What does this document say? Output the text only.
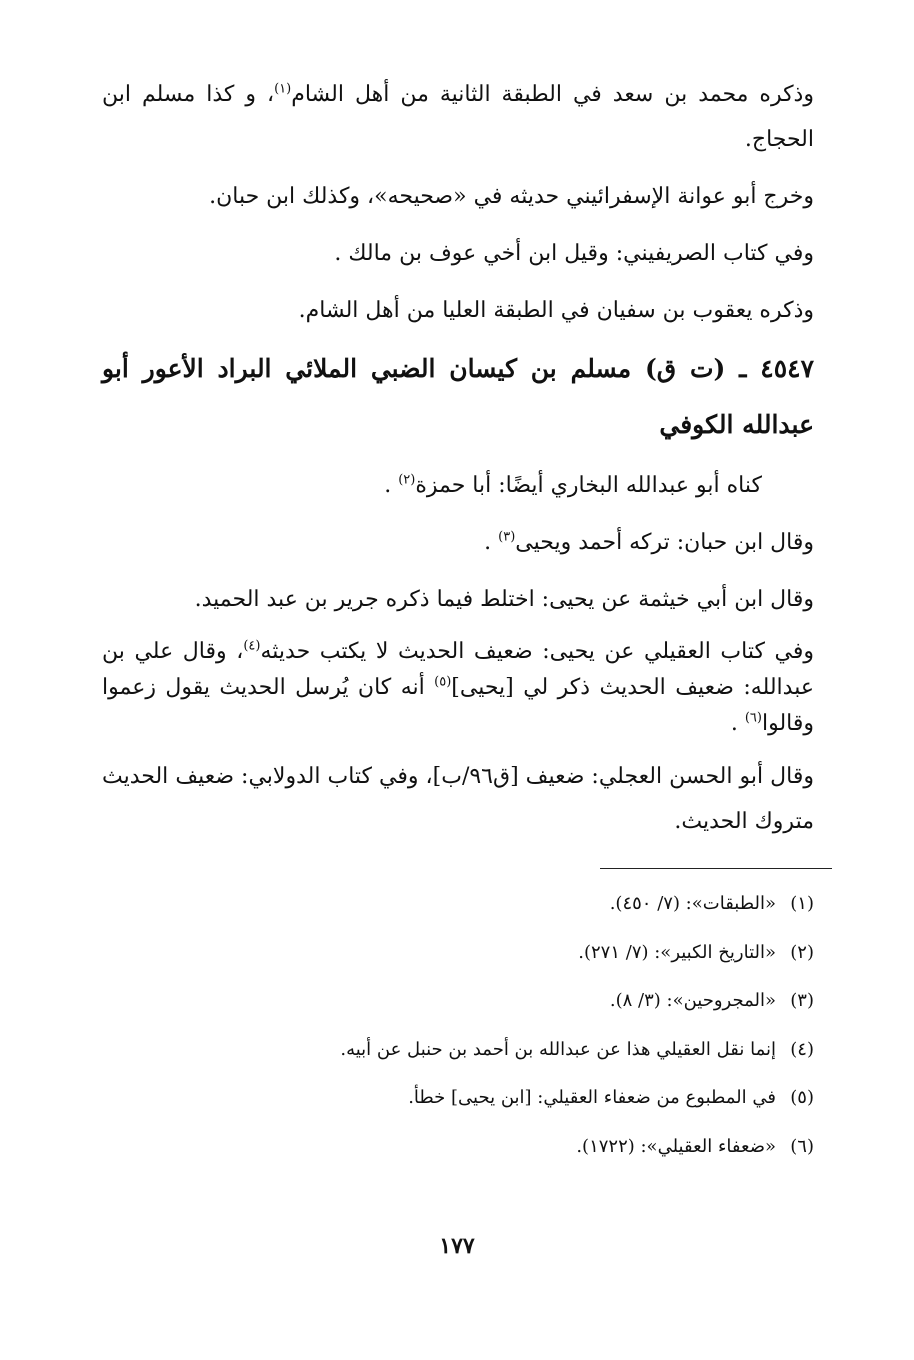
وذكره محمد بن سعد في الطبقة الثانية من أهل الشام$^{(١)}$، و كذا مسلم ابن الحجاج.

وخرج أبو عوانة الإسفرائيني حديثه في «صحيحه»، وكذلك ابن حبان.

وفي كتاب الصريفيني: وقيل ابن أخي عوف بن مالك .

وذكره يعقوب بن سفيان في الطبقة العليا من أهل الشام.

٤٥٤٧ ـ (ت ق) مسلم بن كيسان الضبي الملائي البراد الأعور أبو عبدالله الكوفي

كناه أبو عبدالله البخاري أيضًا: أبا حمزة$^{(٢)}$ .

وقال ابن حبان: تركه أحمد ويحيى$^{(٣)}$ .

وقال ابن أبي خيثمة عن يحيى: اختلط فيما ذكره جرير بن عبد الحميد.

وفي كتاب العقيلي عن يحيى: ضعيف الحديث لا يكتب حديثه$^{(٤)}$، وقال علي بن عبدالله: ضعيف الحديث ذكر لي [يحيى]$^{(٥)}$ أنه كان يُرسل الحديث يقول زعموا وقالوا$^{(٦)}$ .

وقال أبو الحسن العجلي: ضعيف [ق٩٦/ب]، وفي كتاب الدولابي: ضعيف الحديث متروك الحديث.

(١)
«الطبقات»: (٧/ ٤٥٠).
(٢)
«التاريخ الكبير»: (٧/ ٢٧١).
(٣)
«المجروحين»: (٣/ ٨).
(٤)
إنما نقل العقيلي هذا عن عبدالله بن أحمد بن حنبل عن أبيه.
(٥)
في المطبوع من ضعفاء العقيلي: [ابن يحيى] خطأ.
(٦)
«ضعفاء العقيلي»: (١٧٢٢).
١٧٧
